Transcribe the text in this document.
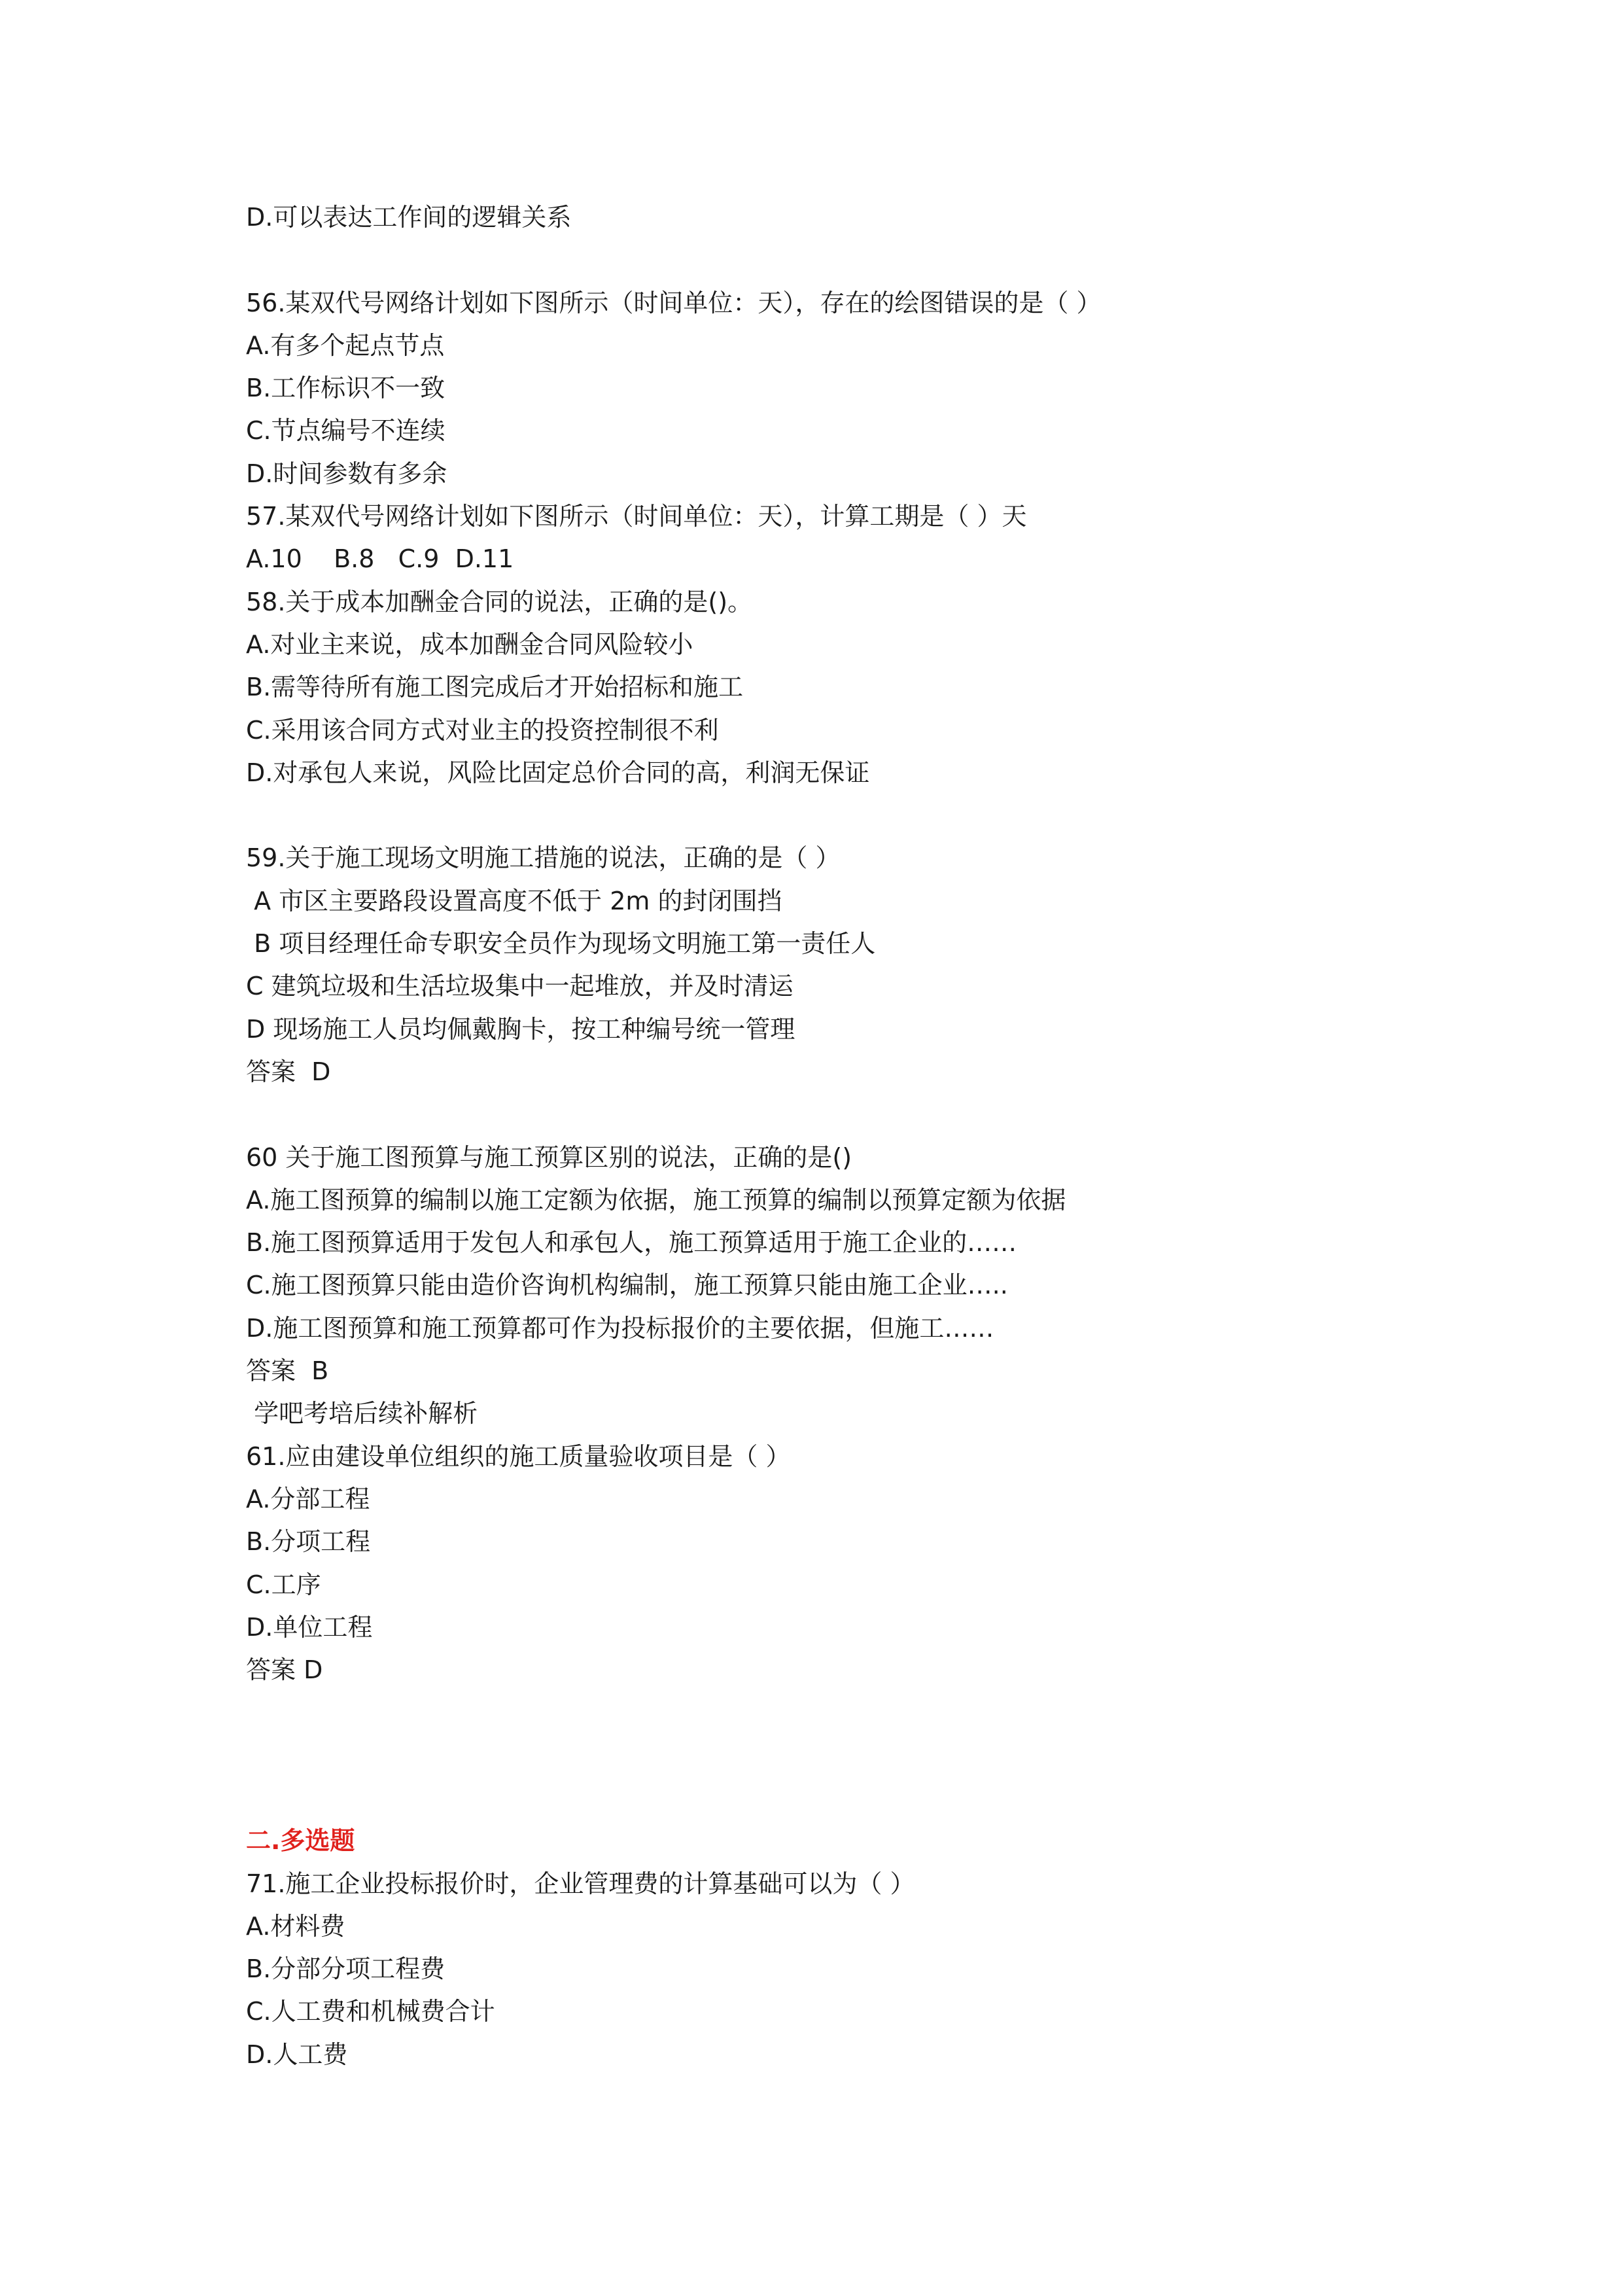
D.可以表达工作间的逻辑关系
56.某双代号网络计划如下图所示（时间单位：天），存在的绘图错误的是（ ）
A.有多个起点节点
B.工作标识不一致
C.节点编号不连续
D.时间参数有多余
57.某双代号网络计划如下图所示（时间单位：天），计算工期是（ ）天
A.10    B.8   C.9  D.11
58.关于成本加酬金合同的说法，正确的是()。
A.对业主来说，成本加酬金合同风险较小
B.需等待所有施工图完成后才开始招标和施工
C.采用该合同方式对业主的投资控制很不利
D.对承包人来说，风险比固定总价合同的高，利润无保证
59.关于施工现场文明施工措施的说法，正确的是（ ）
A 市区主要路段设置高度不低于 2m 的封闭围挡
B 项目经理任命专职安全员作为现场文明施工第一责任人
C 建筑垃圾和生活垃圾集中一起堆放，并及时清运
D 现场施工人员均佩戴胸卡，按工种编号统一管理
答案  D
60 关于施工图预算与施工预算区别的说法，正确的是()
A.施工图预算的编制以施工定额为依据，施工预算的编制以预算定额为依据
B.施工图预算适用于发包人和承包人，施工预算适用于施工企业的……
C.施工图预算只能由造价咨询机构编制，施工预算只能由施工企业…..
D.施工图预算和施工预算都可作为投标报价的主要依据，但施工……
答案  B
学吧考培后续补解析
61.应由建设单位组织的施工质量验收项目是（ ）
A.分部工程
B.分项工程
C.工序
D.单位工程
答案 D
二.多选题
71.施工企业投标报价时，企业管理费的计算基础可以为（ ）
A.材料费
B.分部分项工程费
C.人工费和机械费合计
D.人工费
